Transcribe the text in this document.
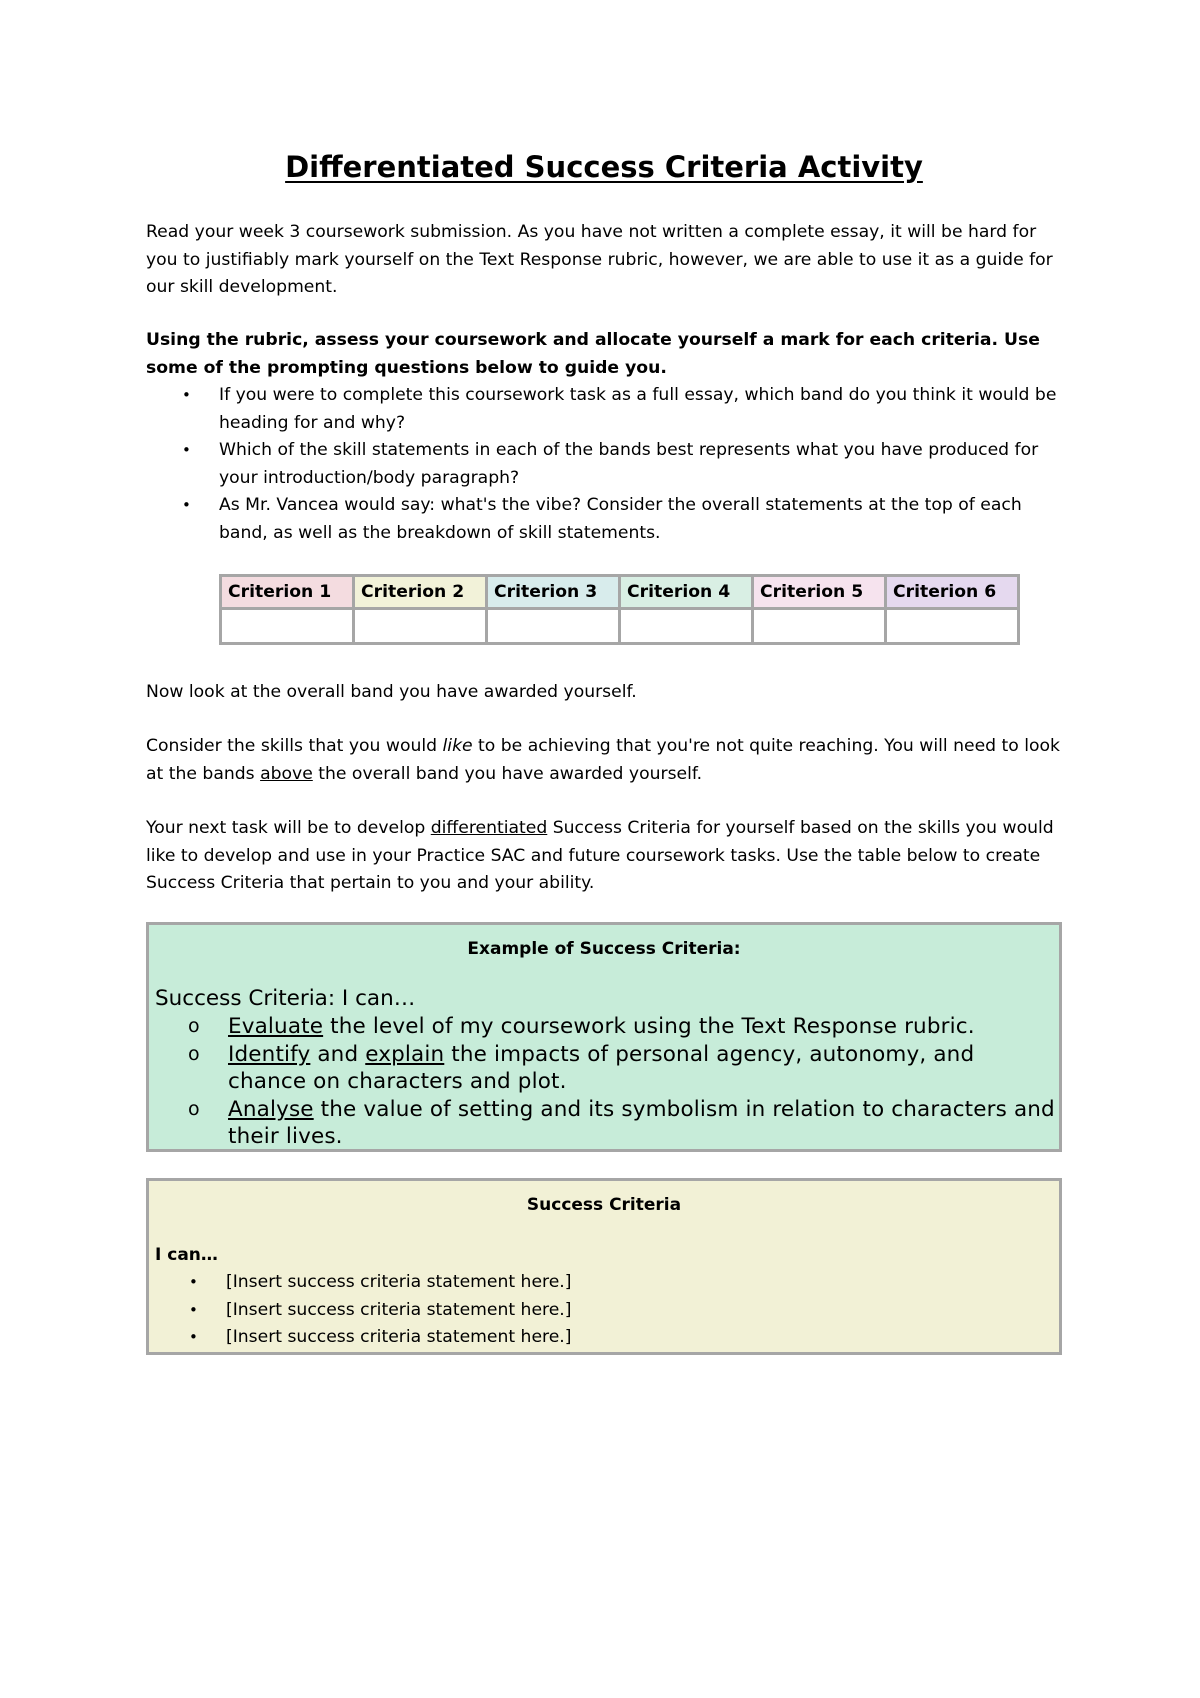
Differentiated Success Criteria Activity

Read your week 3 coursework submission. As you have not written a complete essay, it will be hard for you to justifiably mark yourself on the Text Response rubric, however, we are able to use it as a guide for our skill development.

Using the rubric, assess your coursework and allocate yourself a mark for each criteria. Use some of the prompting questions below to guide you.

• If you were to complete this coursework task as a full essay, which band do you think it would be heading for and why?
• Which of the skill statements in each of the bands best represents what you have produced for your introduction/body paragraph?
• As Mr. Vancea would say: what's the vibe? Consider the overall statements at the top of each band, as well as the breakdown of skill statements.
Criterion 1	Criterion 2	Criterion 3	Criterion 4	Criterion 5	Criterion 6

Now look at the overall band you have awarded yourself.

Consider the skills that you would like to be achieving that you're not quite reaching. You will need to look at the bands above the overall band you have awarded yourself.

Your next task will be to develop differentiated Success Criteria for yourself based on the skills you would like to develop and use in your Practice SAC and future coursework tasks. Use the table below to create Success Criteria that pertain to you and your ability.

Example of Success Criteria:

Success Criteria: I can…

o Evaluate the level of my coursework using the Text Response rubric.
o Identify and explain the impacts of personal agency, autonomy, and chance on characters and plot.
o Analyse the value of setting and its symbolism in relation to characters and their lives.
Success Criteria

I can…

• [Insert success criteria statement here.]
• [Insert success criteria statement here.]
• [Insert success criteria statement here.]
